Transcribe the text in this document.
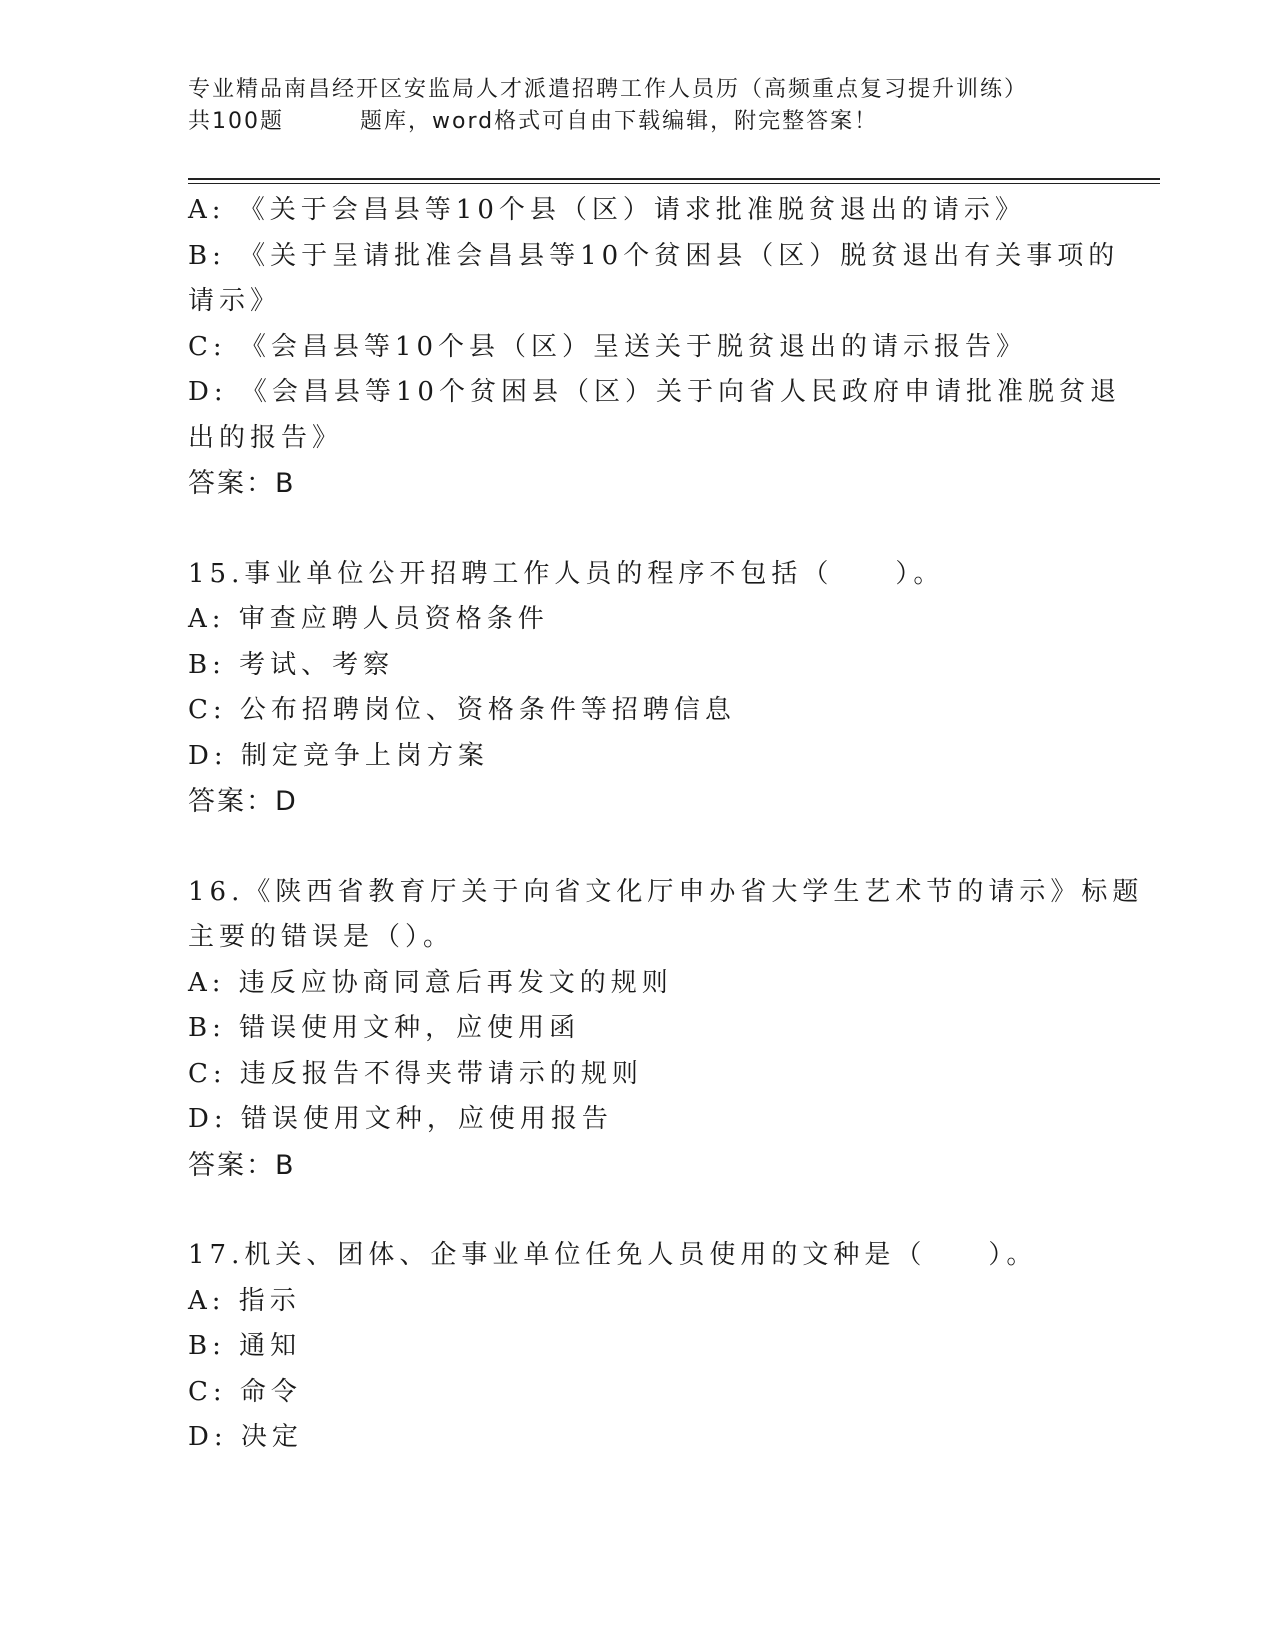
专业精品南昌经开区安监局人才派遣招聘工作人员历（高频重点复习提升训练）
共100题	题库，word格式可自由下载编辑，附完整答案！
A: 《关于会昌县等10个县（区）请求批准脱贫退出的请示》
B: 《关于呈请批准会昌县等10个贫困县（区）脱贫退出有关事项的
请示》
C: 《会昌县等10个县（区）呈送关于脱贫退出的请示报告》
D: 《会昌县等10个贫困县（区）关于向省人民政府申请批准脱贫退
出的报告》
答案：B
15.事业单位公开招聘工作人员的程序不包括（　　）。
A: 审查应聘人员资格条件
B: 考试、考察
C: 公布招聘岗位、资格条件等招聘信息
D: 制定竞争上岗方案
答案：D
16.《陕西省教育厅关于向省文化厅申办省大学生艺术节的请示》标题
主要的错误是（）。
A: 违反应协商同意后再发文的规则
B: 错误使用文种，应使用函
C: 违反报告不得夹带请示的规则
D: 错误使用文种，应使用报告
答案：B
17.机关、团体、企事业单位任免人员使用的文种是（　　）。
A: 指示
B: 通知
C: 命令
D: 决定
